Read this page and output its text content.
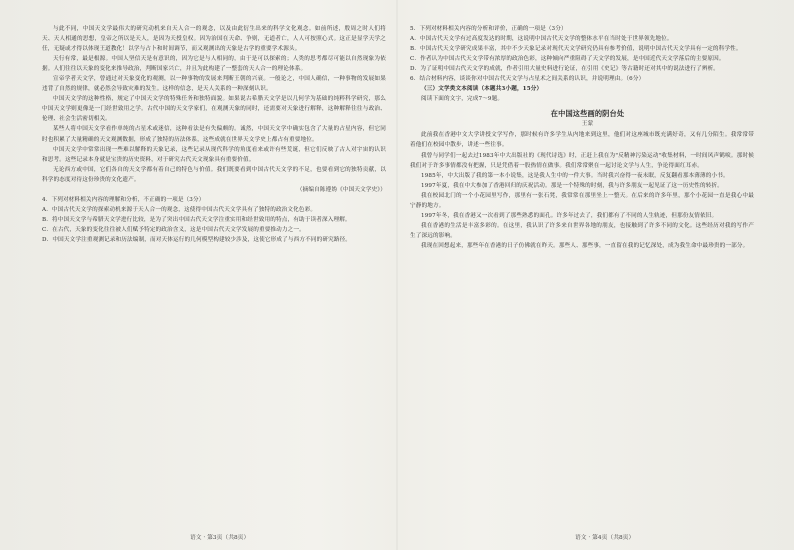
与此不同，中国天文学最伟大的研究动机来自天人合一的观念，以及由此衍生出来的科学文化观念。如前所述，殷周之时人们将天、天人相通的思想，皇帝之所以是天人，是因为天授皇权。因为治国在天命、争则，无道者亡，人人可按照心式。这正是显学天学之任，无疑或才得以体现王道教化！以学与占卜和时间调节，而又观测出的天象是古学的重要学术源头。

天行有常，最是根源。中国人坚信天是有意识的，因为它是与人相同的，由于是可以探索的；人类的思考都尽可能以自然现象为依据。人们往往以天象的变化来推导政治，判断国家兴亡，并且为此构建了一整套的天人合一的理论体系。

宣帝学者天文学，曾通过对天象变化的观测，以一种事物的发展来判断王朝的兴衰。一般论之，中国人确信，一种事物的发展如果违背了自然的规律，就必然会导致灾难的发生。这样的信念，是天人关系的一种深刻认识。

中国天文学的这种性格，规定了中国天文学的特殊任务和独特面貌。如果说古希腊天文学是以几何学为基础的纯粹科学研究，那么中国天文学则更像是一门经世致用之学。古代中国的天文学家们，在观测天象的同时，还需要对天象进行解释，这种解释往往与政治、伦理、社会生活密切相关。

某些人将中国天文学看作单纯的占星术或迷信，这种看法是有失偏颇的。诚然，中国天文学中确实包含了大量的占星内容，但它同时也积累了大量精确的天文观测数据，形成了独特的历法体系，这些成就在世界天文学史上都占有重要地位。

中国天文学中常常出现一些难以解释的天象记录，这些记录从现代科学的角度看来或许有些荒诞，但它们反映了古人对宇宙的认识和思考。这些记录本身就是宝贵的历史资料，对于研究古代天文现象具有重要价值。

无论西方或中国，它们各自的天文学都有着自己的特色与价值。我们既要看到中国古代天文学的不足，也要看到它的独特贡献，以科学的态度对待这份珍贵的文化遗产。

（摘编自陈遵妫《中国天文学史》）

4．下列对材料相关内容的理解和分析，不正确的一项是（3分）

A．中国古代天文学的探索动机来源于天人合一的观念，这使得中国古代天文学具有了独特的政治文化色彩。

B．将中国天文学与希腊天文学进行比较，是为了突出中国古代天文学注重实用和经世致用的特点，有助于读者深入理解。

C．在古代，天象的变化往往被人们赋予特定的政治含义，这是中国古代天文学发展的重要推动力之一。

D．中国天文学注重观测记录和历法编制，而对天体运行的几何模型构建较少涉及，这使它形成了与西方不同的研究路径。

5．下列对材料相关内容的分析和评价，正确的一项是（3分）

A．中国古代天文学有过高度发达的时期，这说明中国古代天文学的整体水平在当时处于世界领先地位。

B．中国古代天文学研究成果丰富，其中不少天象记录对现代天文学研究仍具有参考价值，说明中国古代天文学具有一定的科学性。

C．作者认为中国古代天文学带有浓厚的政治色彩，这种倾向严重阻碍了天文学的发展，是中国近代天文学落后的主要原因。

D．为了证明中国古代天文学的成就，作者引用大量史料进行论证，在引用《史记》等古籍时还对其中的说法进行了辨析。

6．结合材料内容，谈谈你对中国古代天文学与占星术之间关系的认识，并说明理由。（6分）

（三）文学类文本阅读（本题共3小题，15分）

阅读下面的文字，完成7～9题。

在中国这些画的阴台处

王蒙

此前我在香港中文大学讲授文学写作，那时候有许多学生从内地来到这里，他们对这座城市既充满好奇，又有几分陌生。我常常带着他们在校园中散步，讲述一些往事。

我曾与同学们一起去过1983年中大出版社的《现代诗选》时，正赶上我在为"反精神污染运动"收集材料，一时间风声鹤唳。那时候我们对于许多事情都没有把握，只是凭借着一股热情在做事。我们常常聚在一起讨论文学与人生，争论得面红耳赤。

1985年，中大出版了我的第一本小说集，这是我人生中的一件大事。当时我兴奋得一夜未眠，反复翻看那本薄薄的小书。

1997年夏，我在中大参加了香港回归的庆祝活动。那是一个特殊的时刻，我与许多朋友一起见证了这一历史性的转折。

我在校园北门的一个小花园里写作，那里有一张石凳，我常常在那里坐上一整天。在后来的许多年里，那个小花园一直是我心中最宁静的地方。

1997年冬，我在香港又一次看到了那些熟悉的面孔。许多年过去了，我们都有了不同的人生轨迹，但那份友情依旧。

我在香港的生活是丰富多彩的。在这里，我认识了许多来自世界各地的朋友，也接触到了许多不同的文化。这些经历对我的写作产生了深远的影响。

我现在回想起来，那些年在香港的日子仿佛就在昨天。那些人、那些事，一直留在我的记忆深处，成为我生命中最珍贵的一部分。

语文 · 第3页（共8页）	语文 · 第4页（共8页）
